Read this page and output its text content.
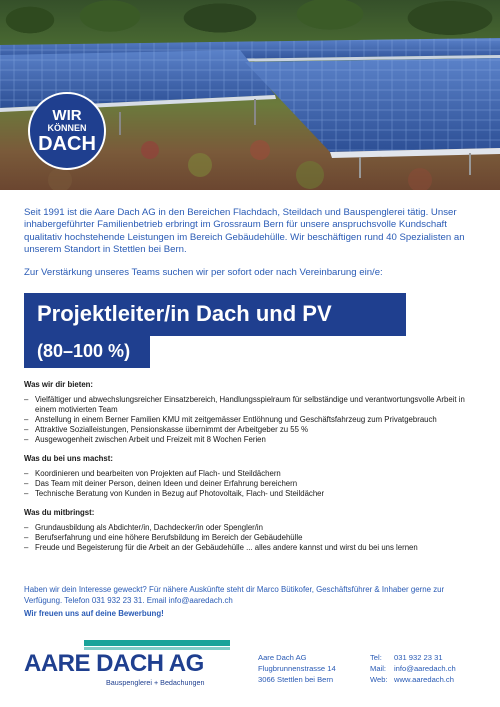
WIR
KÖNNEN
DACH

Seit 1991 ist die Aare Dach AG in den Bereichen Flachdach, Steildach und Bauspenglerei tätig. Unser inhabergeführter Familienbetrieb erbringt im Grossraum Bern für unsere anspruchsvolle Kundschaft qualitativ hochstehende Leistungen im Bereich Gebäudehülle. Wir beschäftigen rund 40 Spezialisten an unserem Standort in Stettlen bei Bern.

Zur Verstärkung unseres Teams suchen wir per sofort oder nach Vereinbarung ein/e:

Projektleiter/in Dach und PV
(80–100 %)
Was wir dir bieten:
– Vielfältiger und abwechslungsreicher Einsatzbereich, Handlungsspielraum für selbständige und verantwortungsvolle Arbeit in einem motivierten Team
– Anstellung in einem Berner Familien KMU mit zeitgemässer Entlöhnung und Geschäftsfahrzeug zum Privatgebrauch
– Attraktive Sozialleistungen, Pensionskasse übernimmt der Arbeitgeber zu 55 %
– Ausgewogenheit zwischen Arbeit und Freizeit mit 8 Wochen Ferien
Was du bei uns machst:
– Koordinieren und bearbeiten von Projekten auf Flach- und Steildächern
– Das Team mit deiner Person, deinen Ideen und deiner Erfahrung bereichern
– Technische Beratung von Kunden in Bezug auf Photovoltaik, Flach- und Steildächer
Was du mitbringst:
– Grundausbildung als Abdichter/in, Dachdecker/in oder Spengler/in
– Berufserfahrung und eine höhere Berufsbildung im Bereich der Gebäudehülle
– Freude und Begeisterung für die Arbeit an der Gebäudehülle ... alles andere kannst und wirst du bei uns lernen

Haben wir dein Interesse geweckt? Für nähere Auskünfte steht dir Marco Bütikofer, Geschäftsführer & Inhaber gerne zur Verfügung. Telefon 031 932 23 31. Email info@aaredach.ch

Wir freuen uns auf deine Bewerbung!

AARE DACH AG
Bauspenglerei + Bedachungen
Aare Dach AG
Flugbrunnenstrasse 14
3066 Stettlen bei Bern
Tel: 031 932 23 31
Mail: info@aaredach.ch
Web: www.aaredach.ch
